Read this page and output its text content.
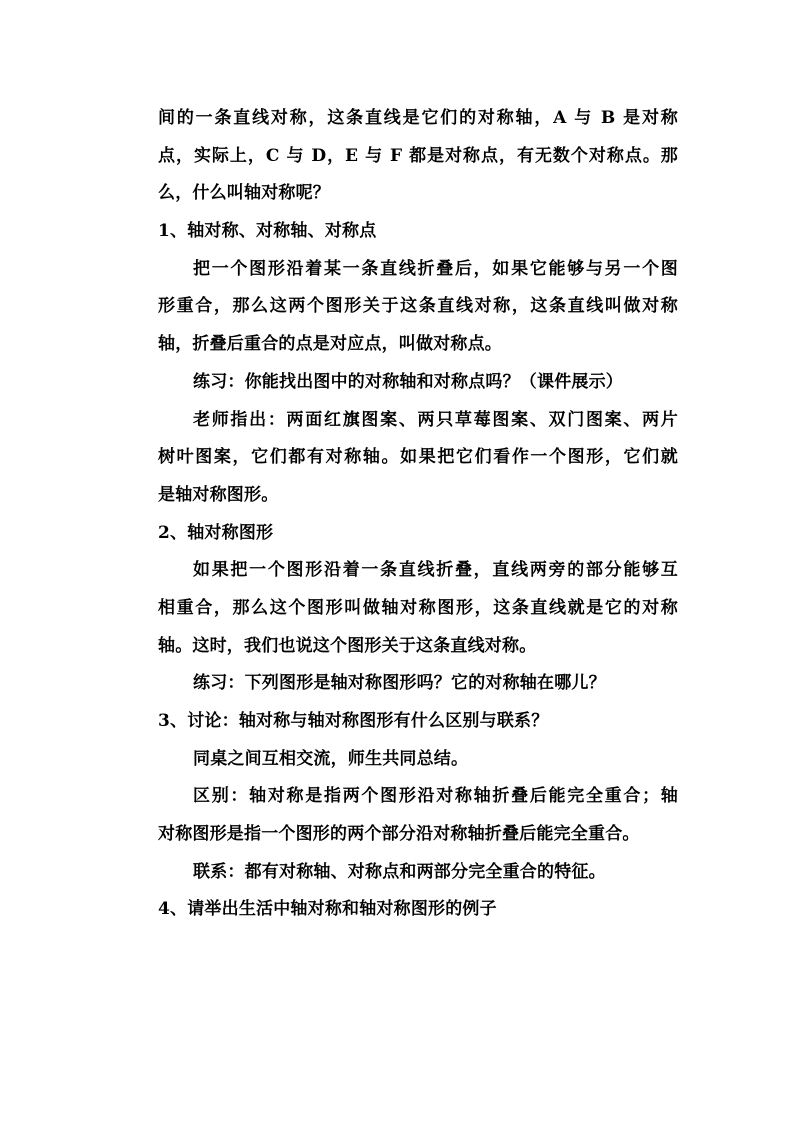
间的一条直线对称，这条直线是它们的对称轴，A 与 B 是对称
点，实际上，C 与 D，E 与 F 都是对称点，有无数个对称点。那
么，什么叫轴对称呢？
1、轴对称、对称轴、对称点
把一个图形沿着某一条直线折叠后，如果它能够与另一个图
形重合，那么这两个图形关于这条直线对称，这条直线叫做对称
轴，折叠后重合的点是对应点，叫做对称点。
练习：你能找出图中的对称轴和对称点吗？（课件展示）
老师指出：两面红旗图案、两只草莓图案、双门图案、两片
树叶图案，它们都有对称轴。如果把它们看作一个图形，它们就
是轴对称图形。
2、轴对称图形
如果把一个图形沿着一条直线折叠，直线两旁的部分能够互
相重合，那么这个图形叫做轴对称图形，这条直线就是它的对称
轴。这时，我们也说这个图形关于这条直线对称。
练习：下列图形是轴对称图形吗？它的对称轴在哪儿？
3、讨论：轴对称与轴对称图形有什么区别与联系？
同桌之间互相交流，师生共同总结。
区别：轴对称是指两个图形沿对称轴折叠后能完全重合；轴
对称图形是指一个图形的两个部分沿对称轴折叠后能完全重合。
联系：都有对称轴、对称点和两部分完全重合的特征。
4、请举出生活中轴对称和轴对称图形的例子
